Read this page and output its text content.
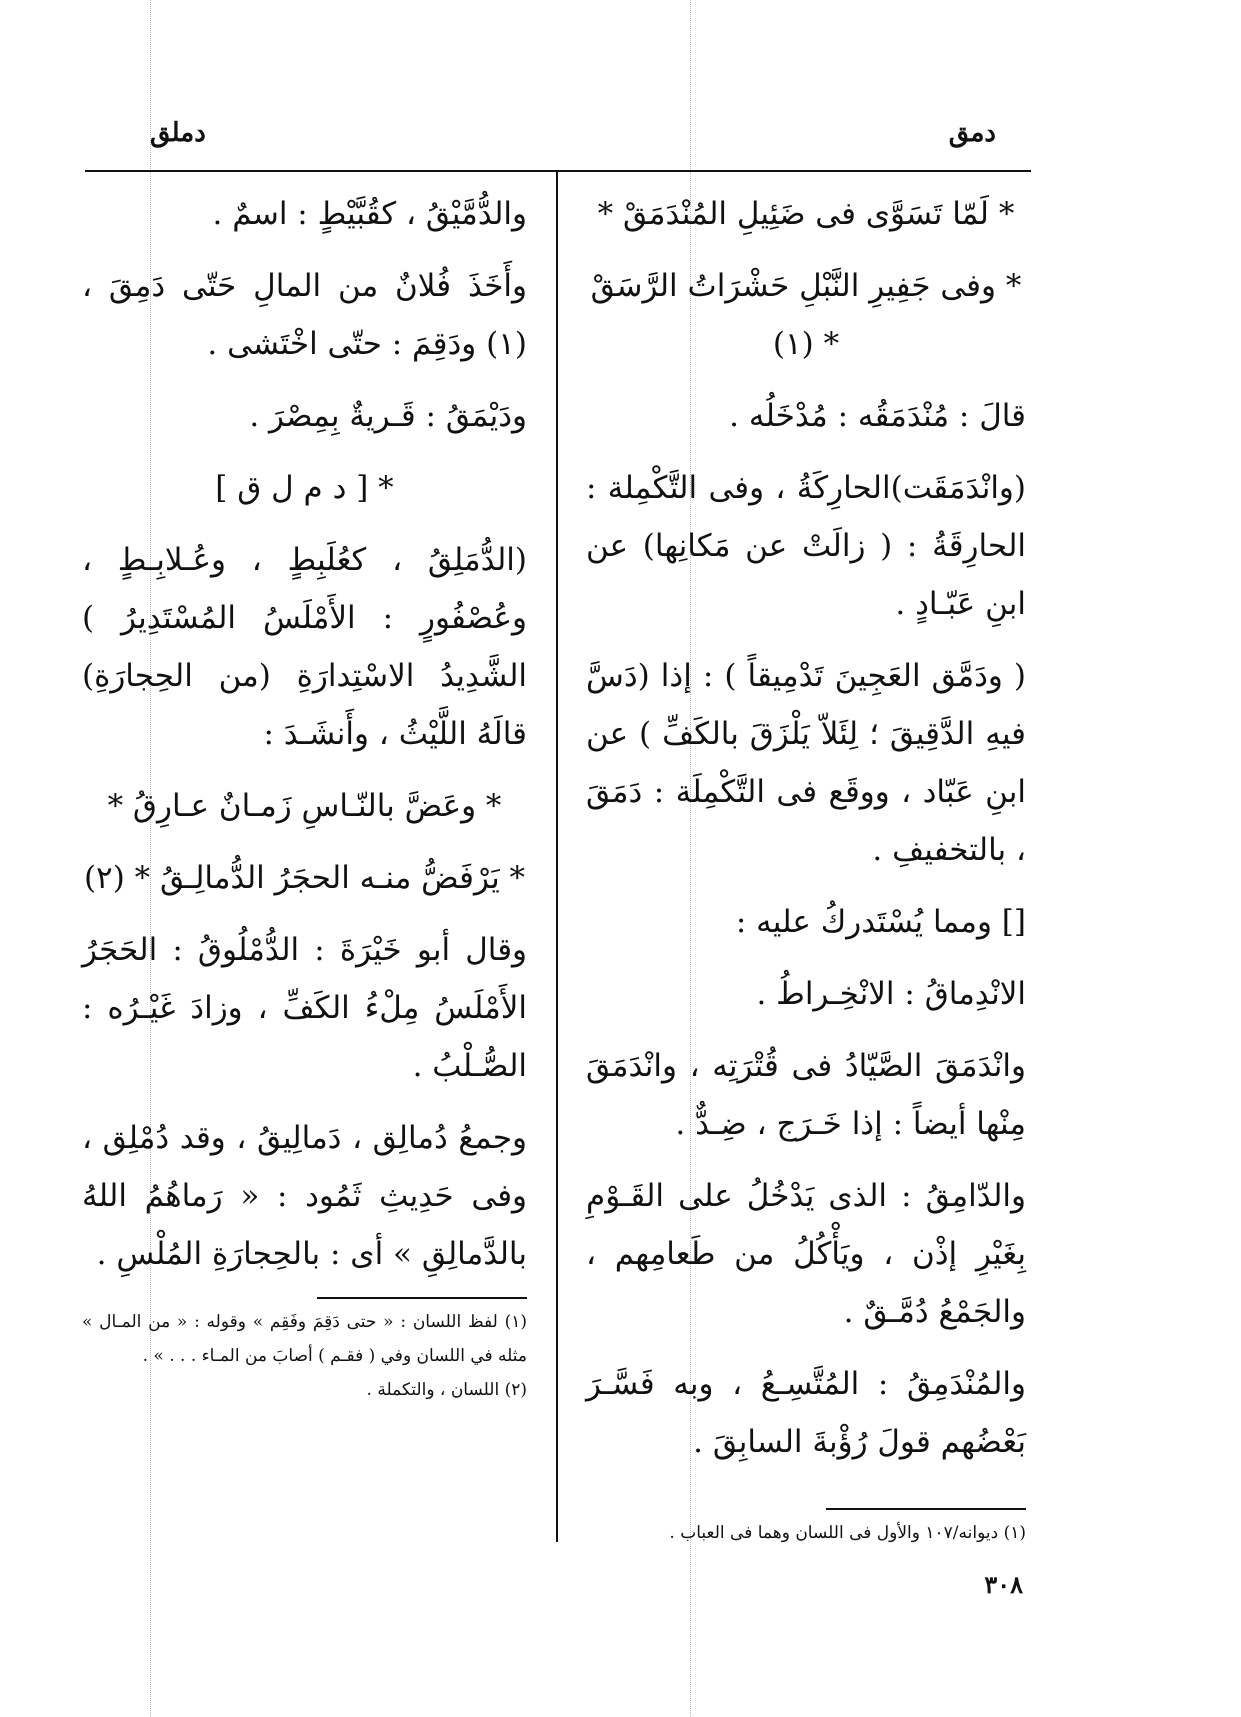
دمق
دملق

* لَمّا تَسَوَّى فى ضَئِيلِ المُنْدَمَقْ *

* وفى جَفِيرِ النَّبْلِ حَشْرَاتُ الرَّسَقْ * (١)

قالَ : مُنْدَمَقُه : مُدْخَلُه .

(وانْدَمَقَت)الحارِكَةُ ، وفى التَّكْمِلة : الحارِقَةُ : ( زالَتْ عن مَكانِها) عن ابنِ عَبّـادٍ .

( ودَمَّق العَجِينَ تَدْمِيقاً ) : إذا (دَسَّ فيهِ الدَّقِيقَ ؛ لِئَلاّ يَلْزَقَ بالكَفِّ ) عن ابنِ عَبّاد ، ووقَع فى التَّكْمِلَة : دَمَقَ ، بالتخفيفِ .

[] ومما يُسْتَدركُ عليه :

الانْدِماقُ : الانْخِـراطُ .

وانْدَمَقَ الصَّيّادُ فى قُتْرَتِه ، وانْدَمَقَ مِنْها أيضاً : إذا خَـرَج ، ضِـدٌّ .

والدّامِقُ : الذى يَدْخُلُ على القَـوْمِ بِغَيْرِ إذْن ، ويَأْكُلُ من طَعامِهم ، والجَمْعُ دُمَّـقٌ .

والمُنْدَمِقُ : المُتَّسِـعُ ، وبه فَسَّـرَ بَعْضُهم قولَ رُؤْبةَ السابِقَ .

(١) ديوانه/١٠٧ والأول فى اللسان وهما فى العباب .

والدُّمَّيْقُ ، كقُبَّيْطٍ : اسمٌ .

وأَخَذَ فُلانٌ من المالِ حَتّى دَمِقَ ، (١) ودَقِمَ : حتّى اخْتَشى .

ودَيْمَقُ : قَـريةٌ بِمِصْرَ .

* [ د م ل ق ]

(الدُّمَلِقُ ، كعُلَبِطٍ ، وعُـلابِـطٍ ، وعُصْفُورٍ : الأَمْلَسُ المُسْتَدِيرُ ) الشَّدِيدُ الاسْتِدارَةِ (من الحِجارَةِ) قالَهُ اللَّيْثُ ، وأَنشَـدَ :

* وعَضَّ بالنّـاسِ زَمـانٌ عـارِقُ *

* يَرْفَضُّ منـه الحجَرُ الدُّمالِـقُ * (٢)

وقال أبو خَيْرَةَ : الدُّمْلُوقُ : الحَجَرُ الأَمْلَسُ مِلْءُ الكَفِّ ، وزادَ غَيْـرُه : الصُّـلْبُ .

وجمعُ دُمالِق ، دَمالِيقُ ، وقد دُمْلِق ، وفى حَدِيثِ ثَمُود : « رَماهُمُ اللهُ بالدَّمالِقِ » أى : بالحِجارَةِ المُلْسِ .

(١) لفظ اللسان : « حتى دَقِمَ وفَقِم » وقوله : « من المـال » مثله في اللسان وفي ( فقـم ) أصابَ من المـاء . . . » .

(٢) اللسان ، والتكملة .

٣٠٨
